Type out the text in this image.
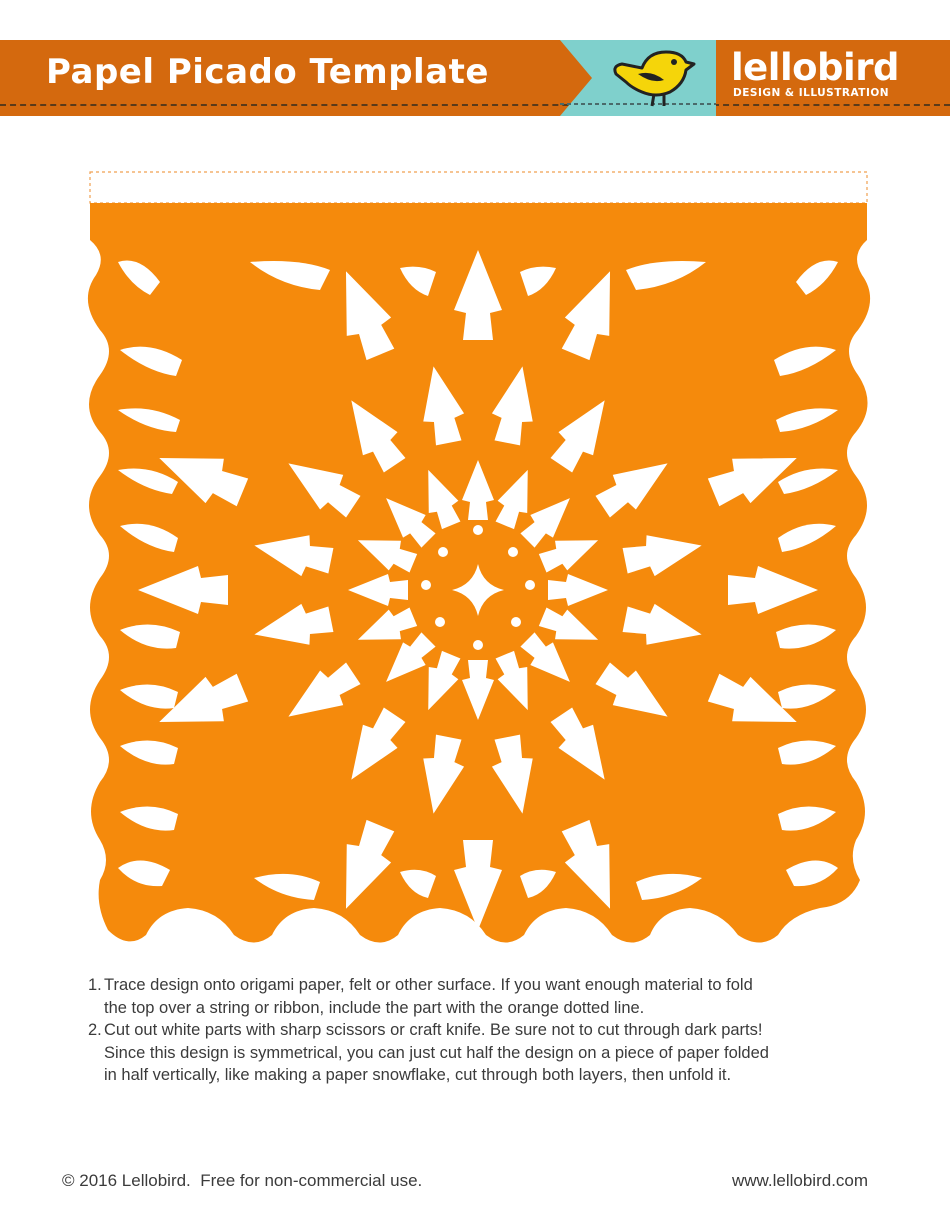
Papel Picado Template	lellobird
DESIGN & ILLUSTRATION
1. Trace design onto origami paper, felt or other surface. If you want enough material to fold
the top over a string or ribbon, include the part with the orange dotted line.
2. Cut out white parts with sharp scissors or craft knife. Be sure not to cut through dark parts!
Since this design is symmetrical, you can just cut half the design on a piece of paper folded
in half vertically, like making a paper snowflake, cut through both layers, then unfold it.
© 2016 Lellobird.  Free for non-commercial use.	www.lellobird.com
